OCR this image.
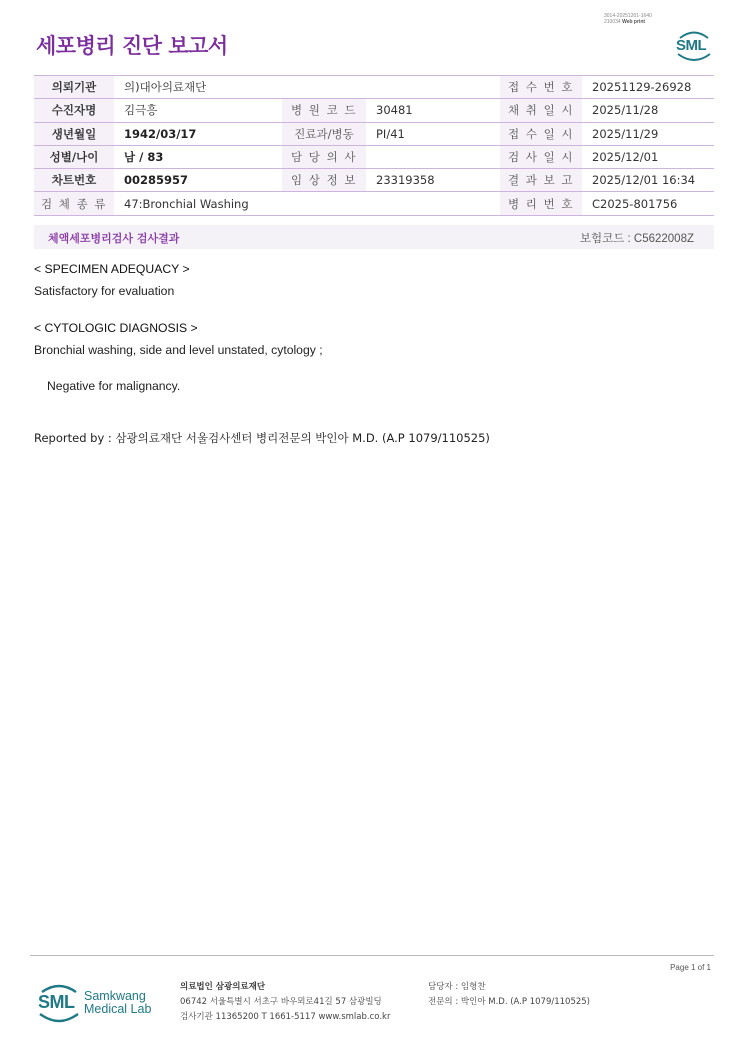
3014-20251201-1640
210034 Web print
세포병리 진단 보고서	SML
의뢰기관	의)대아의료재단			접 수 번 호	20251129-26928
수진자명	김극흥	병 원 코 드	30481	채 취 일 시	2025/11/28
생년월일	1942/03/17	진료과/병동	PI/41	접 수 일 시	2025/11/29
성별/나이	남 / 83	담 당 의 사		검 사 일 시	2025/12/01
차트번호	00285957	임 상 정 보	23319358	결 과 보 고	2025/12/01 16:34
검 체 종 류	47:Bronchial Washing			병 리 번 호	C2025-801756
체액세포병리검사 검사결과	보험코드 : C5622008Z
< SPECIMEN ADEQUACY >
Satisfactory for evaluation
< CYTOLOGIC DIAGNOSIS >
Bronchial washing, side and level unstated, cytology ;
Negative for malignancy.
Reported by : 삼광의료재단 서울검사센터 병리전문의 박인아 M.D. (A.P 1079/110525)
Page 1 of 1
SML Samkwang
Medical Lab
의료법인 삼광의료재단
06742 서울특별시 서초구 바우뫼로41길 57 삼광빌딩
검사기관 11365200 T 1661-5117 www.smlab.co.kr
담당자 : 임형찬
전문의 : 박인아 M.D. (A.P 1079/110525)
